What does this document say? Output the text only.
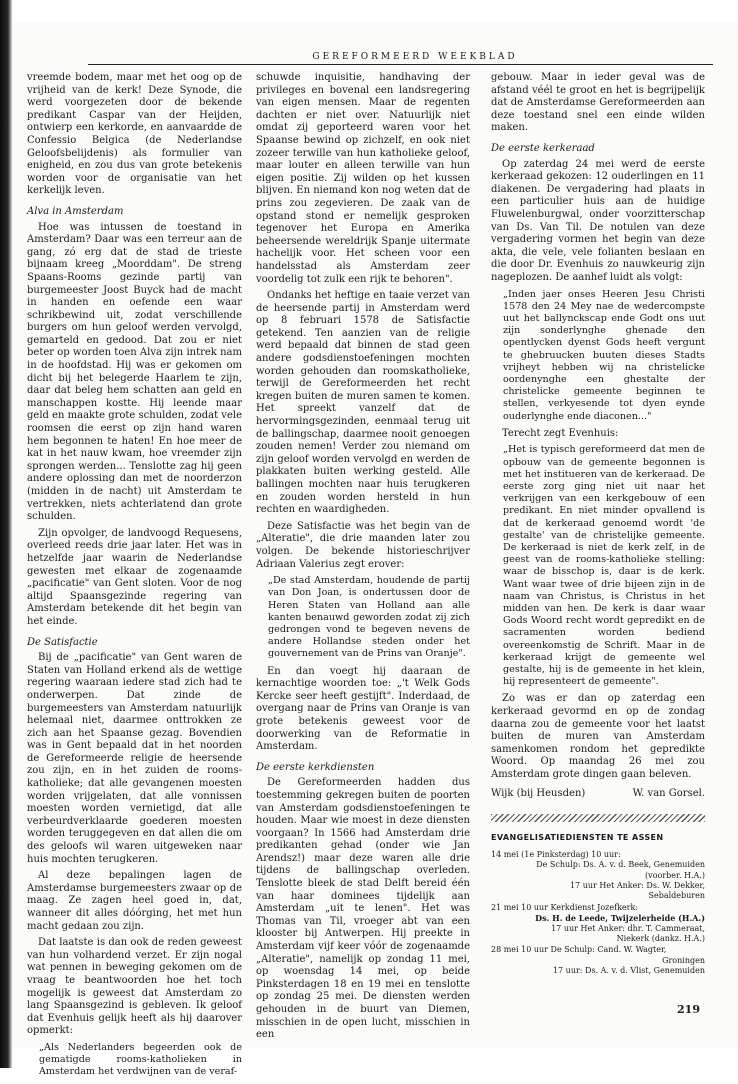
GEREFORMEERD WEEKBLAD

vreemde bodem, maar met het oog op de vrijheid van de kerk! Deze Synode, die werd voorgezeten door de bekende predikant Caspar van der Heijden, ontwierp een kerkorde, en aanvaardde de Confessio Belgica (de Nederlandse Geloofsbelijdenis) als formulier van enigheid, en zou dus van grote betekenis worden voor de organisatie van het kerkelijk leven.

Alva in Amsterdam

Hoe was intussen de toestand in Amsterdam? Daar was een terreur aan de gang, zó erg dat de stad de trieste bijnaam kreeg „Moorddam". De streng Spaans-Rooms gezinde partij van burgemeester Joost Buyck had de macht in handen en oefende een waar schrikbewind uit, zodat verschillende burgers om hun geloof werden vervolgd, gemarteld en gedood. Dat zou er niet beter op worden toen Alva zijn intrek nam in de hoofdstad. Hij was er gekomen om dicht bij het belegerde Haarlem te zijn, daar dat beleg hem schatten aan geld en manschappen kostte. Hij leende maar geld en maakte grote schulden, zodat vele roomsen die eerst op zijn hand waren hem begonnen te haten! En hoe meer de kat in het nauw kwam, hoe vreemder zijn sprongen werden... Tenslotte zag hij geen andere oplossing dan met de noorderzon (midden in de nacht) uit Amsterdam te vertrekken, niets achterlatend dan grote schulden.

Zijn opvolger, de landvoogd Requesens, overleed reeds drie jaar later. Het was in hetzelfde jaar waarin de Nederlandse gewesten met elkaar de zogenaamde „pacificatie" van Gent sloten. Voor de nog altijd Spaansgezinde regering van Amsterdam betekende dit het begin van het einde.

De Satisfactie

Bij de „pacificatie" van Gent waren de Staten van Holland erkend als de wettige regering waaraan iedere stad zich had te onderwerpen. Dat zinde de burgemeesters van Amsterdam natuurlijk helemaal niet, daarmee onttrokken ze zich aan het Spaanse gezag. Bovendien was in Gent bepaald dat in het noorden de Gereformeerde religie de heersende zou zijn, en in het zuiden de rooms-katholieke; dat alle gevangenen moesten worden vrijgelaten, dat alle vonnissen moesten worden vernietigd, dat alle verbeurdverklaarde goederen moesten worden teruggegeven en dat allen die om des geloofs wil waren uitgeweken naar huis mochten terugkeren.

Al deze bepalingen lagen de Amsterdamse burgemeesters zwaar op de maag. Ze zagen heel goed in, dat, wanneer dit alles dóórging, het met hun macht gedaan zou zijn.

Dat laatste is dan ook de reden geweest van hun volhardend verzet. Er zijn nogal wat pennen in beweging gekomen om de vraag te beantwoorden hoe het toch mogelijk is geweest dat Amsterdam zo lang Spaansgezind is gebleven. Ik geloof dat Evenhuis gelijk heeft als hij daarover opmerkt:

„Als Nederlanders begeerden ook de gematigde rooms-katholieken in Amsterdam het verdwijnen van de veraf-

schuwde inquisitie, handhaving der privileges en bovenal een landsregering van eigen mensen. Maar de regenten dachten er niet over. Natuurlijk niet omdat zij geporteerd waren voor het Spaanse bewind op zichzelf, en ook niet zozeer terwille van hun katholieke geloof, maar louter en alleen terwille van hun eigen positie. Zij wilden op het kussen blijven. En niemand kon nog weten dat de prins zou zegevieren. De zaak van de opstand stond er nemelijk gesproken tegenover het Europa en Amerika beheersende wereldrijk Spanje uitermate hachelijk voor. Het scheen voor een handelsstad als Amsterdam zeer voordelig tot zulk een rijk te behoren".

Ondanks het heftige en taaie verzet van de heersende partij in Amsterdam werd op 8 februari 1578 de Satisfactie getekend. Ten aanzien van de religie werd bepaald dat binnen de stad geen andere godsdienstoefeningen mochten worden gehouden dan roomskatholieke, terwijl de Gereformeerden het recht kregen buiten de muren samen te komen. Het spreekt vanzelf dat de hervormingsgezinden, eenmaal terug uit de ballingschap, daarmee nooit genoegen zouden nemen! Verder zou niemand om zijn geloof worden vervolgd en werden de plakkaten buiten werking gesteld. Alle ballingen mochten naar huis terugkeren en zouden worden hersteld in hun rechten en waardigheden.

Deze Satisfactie was het begin van de „Alteratie", die drie maanden later zou volgen. De bekende historieschrijver Adriaan Valerius zegt erover:

„De stad Amsterdam, houdende de partij van Don Joan, is ondertussen door de Heren Staten van Holland aan alle kanten benauwd geworden zodat zij zich gedrongen vond te begeven nevens de andere Hollandse steden onder het gouvernement van de Prins van Oranje".

En dan voegt hij daaraan de kernachtige woorden toe: „'t Welk Gods Kercke seer heeft gestijft". Inderdaad, de overgang naar de Prins van Oranje is van grote betekenis geweest voor de doorwerking van de Reformatie in Amsterdam.

De eerste kerkdiensten

De Gereformeerden hadden dus toestemming gekregen buiten de poorten van Amsterdam godsdienstoefeningen te houden. Maar wie moest in deze diensten voorgaan? In 1566 had Amsterdam drie predikanten gehad (onder wie Jan Arendsz!) maar deze waren alle drie tijdens de ballingschap overleden. Tenslotte bleek de stad Delft bereid één van haar dominees tijdelijk aan Amsterdam „uit te lenen". Het was Thomas van Til, vroeger abt van een klooster bij Antwerpen. Hij preekte in Amsterdam vijf keer vóór de zogenaamde „Alteratie", namelijk op zondag 11 mei, op woensdag 14 mei, op beide Pinksterdagen 18 en 19 mei en tenslotte op zondag 25 mei. De diensten werden gehouden in de buurt van Diemen, misschien in de open lucht, misschien in een

gebouw. Maar in ieder geval was de afstand véél te groot en het is begrijpelijk dat de Amsterdamse Gereformeerden aan deze toestand snel een einde wilden maken.

De eerste kerkeraad

Op zaterdag 24 mei werd de eerste kerkeraad gekozen: 12 ouderlingen en 11 diakenen. De vergadering had plaats in een particulier huis aan de huidige Fluwelenburgwal, onder voorzitterschap van Ds. Van Til. De notulen van deze vergadering vormen het begin van deze akta, die vele, vele folianten beslaan en die door Dr. Evenhuis zo nauwkeurig zijn nageplozen. De aanhef luidt als volgt:

„Inden jaer onses Heeren Jesu Christi 1578 den 24 Mey nae de wedercompste uut het ballynckscap ende Godt ons uut zijn sonderlynghe ghenade den opentlycken dyenst Gods heeft vergunt te ghebruucken buuten dieses Stadts vrijheyt hebben wij na christelicke oordenynghe een ghestalte der christelicke gemeente beginnen te stellen, verkyesende tot dyen eynde ouderlynghe ende diaconen..."

Terecht zegt Evenhuis:

„Het is typisch gereformeerd dat men de opbouw van de gemeente begonnen is met het institueren van de kerkeraad. De eerste zorg ging niet uit naar het verkrijgen van een kerkgebouw of een predikant. En niet minder opvallend is dat de kerkeraad genoemd wordt 'de gestalte' van de christelijke gemeente. De kerkeraad is niet de kerk zelf, in de geest van de rooms-katholieke stelling: waar de bisschop is, daar is de kerk. Want waar twee of drie bijeen zijn in de naam van Christus, is Christus in het midden van hen. De kerk is daar waar Gods Woord recht wordt gepredikt en de sacramenten worden bediend overeenkomstig de Schrift. Maar in de kerkeraad krijgt de gemeente wel gestalte, hij is de gemeente in het klein, hij representeert de gemeente".

Zo was er dan op zaterdag een kerkeraad gevormd en op de zondag daarna zou de gemeente voor het laatst buiten de muren van Amsterdam samenkomen rondom het gepredikte Woord. Op maandag 26 mei zou Amsterdam grote dingen gaan beleven.

Wijk (bij Heusden)	W. van Gorsel.
EVANGELISATIEDIENSTEN TE ASSEN
14 mei (1e Pinksterdag) 10 uur:
De Schulp: Ds. A. v. d. Beek, Genemuiden
(voorber. H.A.)
17 uur Het Anker: Ds. W. Dekker,
Sebaldeburen
21 mei 10 uur Kerkdienst Jozefkerk:
Ds. H. de Leede, Twijzelerheide (H.A.)
17 uur Het Anker: dhr. T. Cammeraat,
Niekerk (dankz. H.A.)
28 mei 10 uur De Schulp: Cand. W. Wagter,
Groningen
17 uur: Ds. A. v. d. Vlist, Genemuiden
219
